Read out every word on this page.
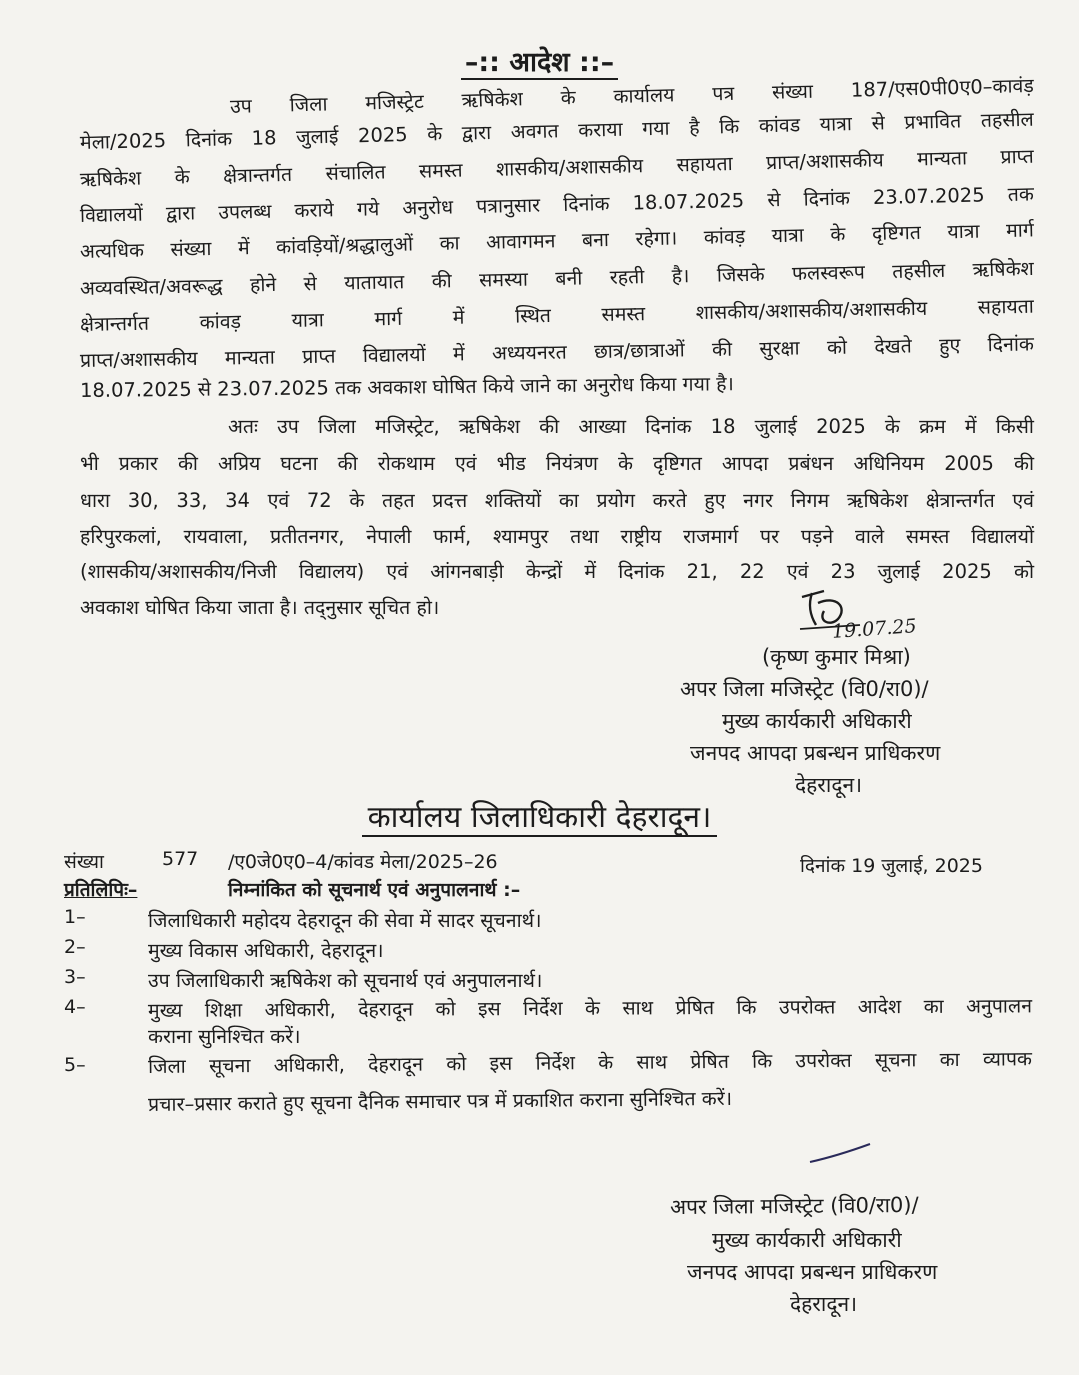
–:: आदेश ::–
उप जिला मजिस्ट्रेट ऋषिकेश के कार्यालय पत्र संख्या 187/एस0पी0ए0–कावंड़
मेला/2025 दिनांक 18 जुलाई 2025 के द्वारा अवगत कराया गया है कि कांवड यात्रा से प्रभावित तहसील
ऋषिकेश के क्षेत्रान्तर्गत संचालित समस्त शासकीय/अशासकीय सहायता प्राप्त/अशासकीय मान्यता प्राप्त
विद्यालयों द्वारा उपलब्ध कराये गये अनुरोध पत्रानुसार दिनांक 18.07.2025 से दिनांक 23.07.2025 तक
अत्यधिक संख्या में कांवड़ियों/श्रद्धालुओं का आवागमन बना रहेगा। कांवड़ यात्रा के दृष्टिगत यात्रा मार्ग
अव्यवस्थित/अवरूद्ध होने से यातायात की समस्या बनी रहती है। जिसके फलस्वरूप तहसील ऋषिकेश
क्षेत्रान्तर्गत कांवड़ यात्रा मार्ग में स्थित समस्त शासकीय/अशासकीय/अशासकीय सहायता
प्राप्त/अशासकीय मान्यता प्राप्त विद्यालयों में अध्ययनरत छात्र/छात्राओं की सुरक्षा को देखते हुए दिनांक
18.07.2025 से 23.07.2025 तक अवकाश घोषित किये जाने का अनुरोध किया गया है।
अतः उप जिला मजिस्ट्रेट, ऋषिकेश की आख्या दिनांक 18 जुलाई 2025 के क्रम में किसी
भी प्रकार की अप्रिय घटना की रोकथाम एवं भीड नियंत्रण के दृष्टिगत आपदा प्रबंधन अधिनियम 2005 की
धारा 30, 33, 34 एवं 72 के तहत प्रदत्त शक्तियों का प्रयोग करते हुए नगर निगम ऋषिकेश क्षेत्रान्तर्गत एवं
हरिपुरकलां, रायवाला, प्रतीतनगर, नेपाली फार्म, श्यामपुर तथा राष्ट्रीय राजमार्ग पर पड़ने वाले समस्त विद्यालयों
(शासकीय/अशासकीय/निजी विद्यालय) एवं आंगनबाड़ी केन्द्रों में दिनांक 21, 22 एवं 23 जुलाई 2025 को
अवकाश घोषित किया जाता है। तद्नुसार सूचित हो।
19.07.25
(कृष्ण कुमार मिश्रा)
अपर जिला मजिस्ट्रेट (वि0/रा0)/
मुख्य कार्यकारी अधिकारी
जनपद आपदा प्रबन्धन प्राधिकरण
देहरादून।
कार्यालय जिलाधिकारी देहरादून।
संख्या	577 /ए0जे0ए0–4/कांवड मेला/2025–26	दिनांक 19 जुलाई, 2025
प्रतिलिपिः–	निम्नांकित को सूचनार्थ एवं अनुपालनार्थ :–
1–	जिलाधिकारी महोदय देहरादून की सेवा में सादर सूचनार्थ।
2–	मुख्य विकास अधिकारी, देहरादून।
3–	उप जिलाधिकारी ऋषिकेश को सूचनार्थ एवं अनुपालनार्थ।
4–	मुख्य शिक्षा अधिकारी, देहरादून को इस निर्देश के साथ प्रेषित कि उपरोक्त आदेश का अनुपालन
कराना सुनिश्चित करें।
5–	जिला सूचना अधिकारी, देहरादून को इस निर्देश के साथ प्रेषित कि उपरोक्त सूचना का व्यापक
प्रचार–प्रसार कराते हुए सूचना दैनिक समाचार पत्र में प्रकाशित कराना सुनिश्चित करें।
अपर जिला मजिस्ट्रेट (वि0/रा0)/
मुख्य कार्यकारी अधिकारी
जनपद आपदा प्रबन्धन प्राधिकरण
देहरादून।
